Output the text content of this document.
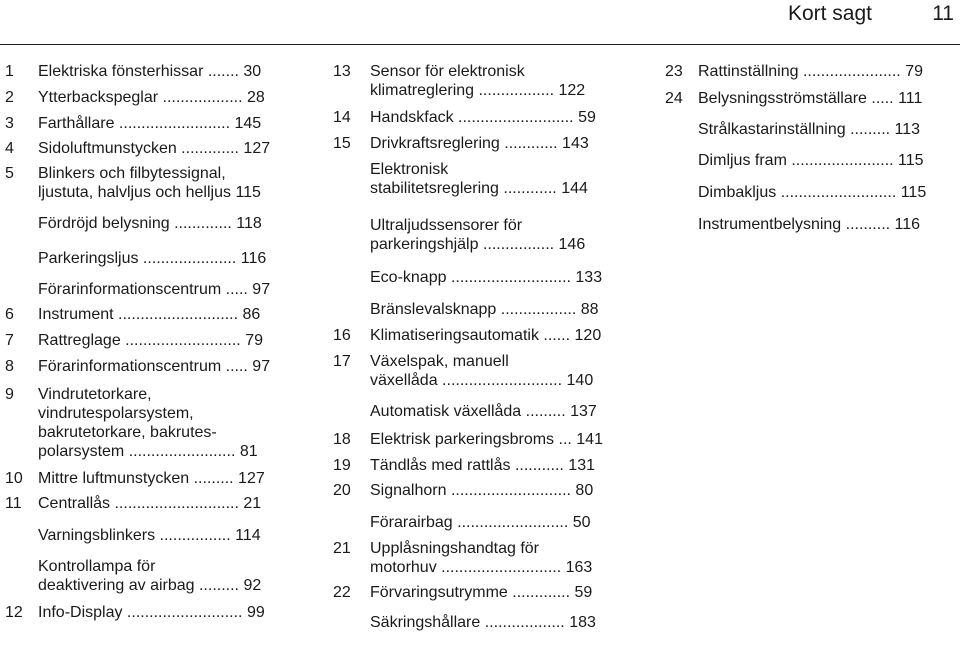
Kort sagt	11
1 Elektriska fönsterhissar ....... 30
2 Ytterbackspeglar .................. 28
3 Farthållare ......................... 145
4 Sidoluftmunstycken ............. 127
5 Blinkers och filbytessignal,
ljustuta, halvljus och helljus 115
Fördröjd belysning ............. 118
Parkeringsljus ..................... 116
Förarinformationscentrum ..... 97
6 Instrument ........................... 86
7 Rattreglage .......................... 79
8 Förarinformationscentrum ..... 97
9 Vindrutetorkare,
vindrutespolarsystem,
bakrutetorkare, bakrutes-
polarsystem ........................ 81
10 Mittre luftmunstycken ......... 127
11 Centrallås ............................ 21
Varningsblinkers ................ 114
Kontrollampa för
deaktivering av airbag ......... 92
12 Info-Display .......................... 99
13 Sensor för elektronisk
klimatreglering ................. 122
14 Handskfack .......................... 59
15 Drivkraftsreglering ............ 143
Elektronisk
stabilitetsreglering ............ 144
Ultraljudssensorer för
parkeringshjälp ................ 146
Eco-knapp ........................... 133
Bränslevalsknapp ................. 88
16 Klimatiseringsautomatik ...... 120
17 Växelspak, manuell
växellåda ........................... 140
Automatisk växellåda ......... 137
18 Elektrisk parkeringsbroms ... 141
19 Tändlås med rattlås ........... 131
20 Signalhorn ........................... 80
Förarairbag ......................... 50
21 Upplåsningshandtag för
motorhuv ........................... 163
22 Förvaringsutrymme ............. 59
Säkringshållare .................. 183
23 Rattinställning ...................... 79
24 Belysningsströmställare ..... 111
Strålkastarinställning ......... 113
Dimljus fram ....................... 115
Dimbakljus .......................... 115
Instrumentbelysning .......... 116
